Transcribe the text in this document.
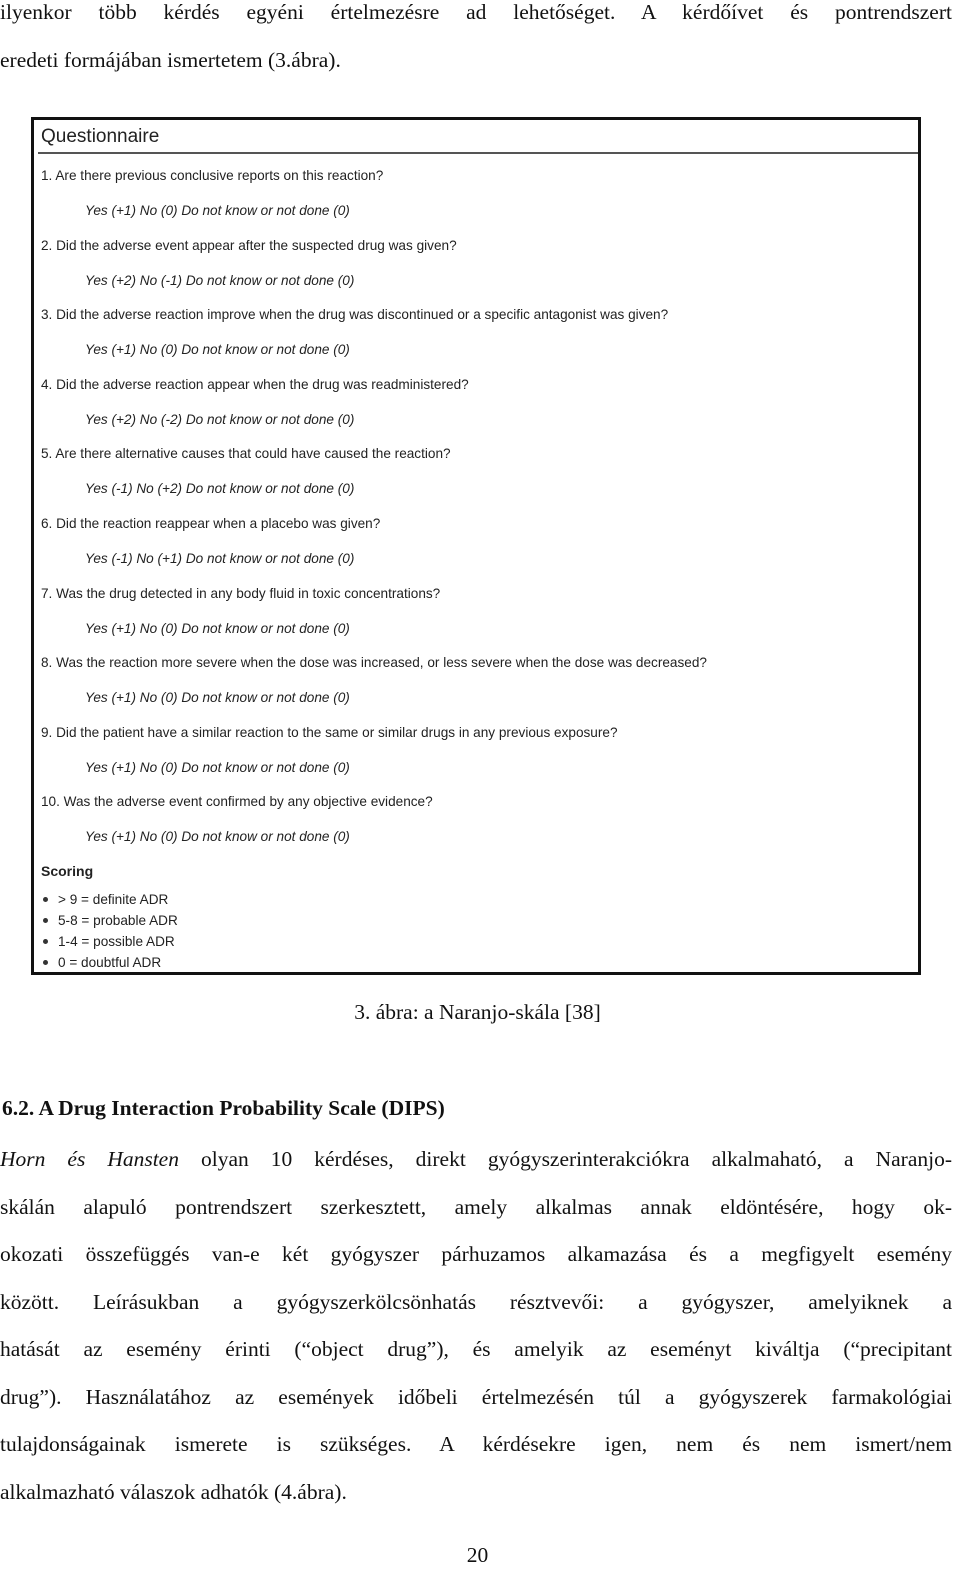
ilyenkor több kérdés egyéni értelmezésre ad lehetőséget. A kérdőívet és pontrendszert
eredeti formájában ismertetem (3.ábra).
Questionnaire
1. Are there previous conclusive reports on this reaction?
Yes (+1) No (0) Do not know or not done (0)
2. Did the adverse event appear after the suspected drug was given?
Yes (+2) No (-1) Do not know or not done (0)
3. Did the adverse reaction improve when the drug was discontinued or a specific antagonist was given?
Yes (+1) No (0) Do not know or not done (0)
4. Did the adverse reaction appear when the drug was readministered?
Yes (+2) No (-2) Do not know or not done (0)
5. Are there alternative causes that could have caused the reaction?
Yes (-1) No (+2) Do not know or not done (0)
6. Did the reaction reappear when a placebo was given?
Yes (-1) No (+1) Do not know or not done (0)
7. Was the drug detected in any body fluid in toxic concentrations?
Yes (+1) No (0) Do not know or not done (0)
8. Was the reaction more severe when the dose was increased, or less severe when the dose was decreased?
Yes (+1) No (0) Do not know or not done (0)
9. Did the patient have a similar reaction to the same or similar drugs in any previous exposure?
Yes (+1) No (0) Do not know or not done (0)
10. Was the adverse event confirmed by any objective evidence?
Yes (+1) No (0) Do not know or not done (0)
Scoring
> 9 = definite ADR
5-8 = probable ADR
1-4 = possible ADR
0 = doubtful ADR
3. ábra: a Naranjo-skála [38]
6.2. A Drug Interaction Probability Scale (DIPS)
Horn és Hansten olyan 10 kérdéses, direkt gyógyszerinterakciókra alkalmaható, a Naranjo-
skálán alapuló pontrendszert szerkesztett, amely alkalmas annak eldöntésére, hogy ok-
okozati összefüggés van-e két gyógyszer párhuzamos alkamazása és a megfigyelt esemény
között. Leírásukban a gyógyszerkölcsönhatás résztvevői: a gyógyszer, amelyiknek a
hatását az esemény érinti (“object drug”), és amelyik az eseményt kiváltja (“precipitant
drug”). Használatához az események időbeli értelmezésén túl a gyógyszerek farmakológiai
tulajdonságainak ismerete is szükséges. A kérdésekre igen, nem és nem ismert/nem
alkalmazható válaszok adhatók (4.ábra).
20
